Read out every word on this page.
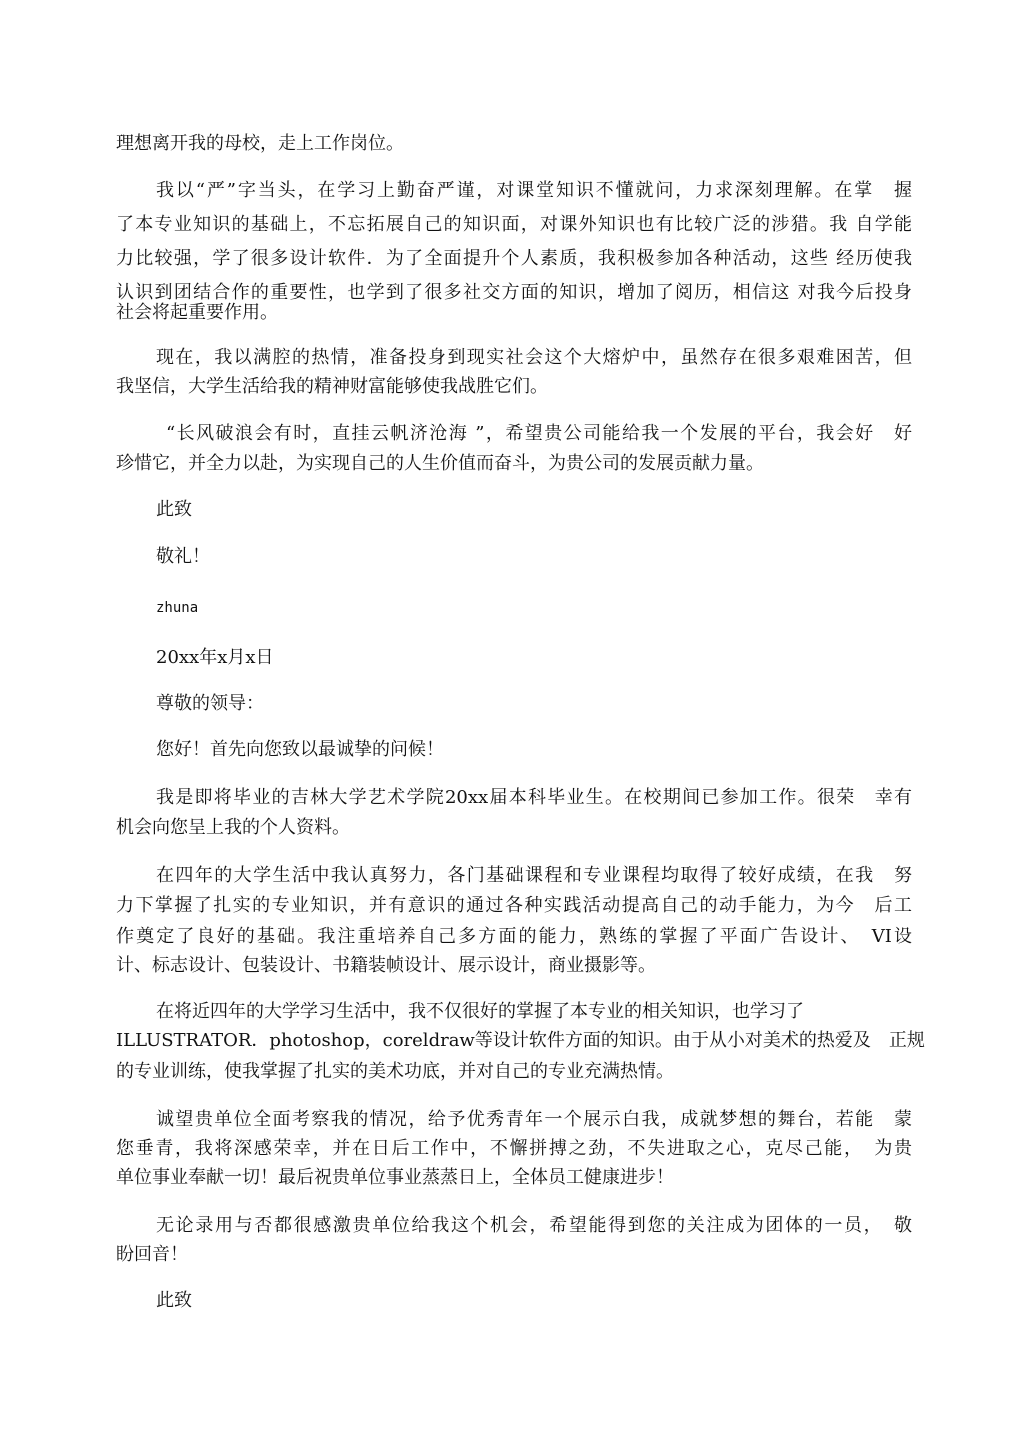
理想离开我的母校，走上工作岗位。

我以“严”字当头，在学习上勤奋严谨，对课堂知识不懂就问，力求深刻理解。在掌　握

了本专业知识的基础上，不忘拓展自己的知识面，对课外知识也有比较广泛的涉猎。我 自学能

力比较强，学了很多设计软件．为了全面提升个人素质，我积极参加各种活动，这些 经历使我

认识到团结合作的重要性，也学到了很多社交方面的知识，增加了阅历，相信这 对我今后投身

社会将起重要作用。

现在，我以满腔的热情，准备投身到现实社会这个大熔炉中，虽然存在很多艰难困苦，但

我坚信，大学生活给我的精神财富能够使我战胜它们。

“长风破浪会有时，直挂云帆济沧海 ”，希望贵公司能给我一个发展的平台，我会好　好

珍惜它，并全力以赴，为实现自己的人生价值而奋斗，为贵公司的发展贡献力量。

此致

敬礼！

zhuna

20xx年x月x日

尊敬的领导：

您好！首先向您致以最诚挚的问候！

我是即将毕业的吉林大学艺术学院20xx届本科毕业生。在校期间已参加工作。很荣　幸有

机会向您呈上我的个人资料。

在四年的大学生活中我认真努力，各门基础课程和专业课程均取得了较好成绩，在我　努

力下掌握了扎实的专业知识，并有意识的通过各种实践活动提高自己的动手能力，为今　后工

作奠定了良好的基础。我注重培养自己多方面的能力，熟练的掌握了平面广告设计、　VI设

计、标志设计、包装设计、书籍装帧设计、展示设计，商业摄影等。

在将近四年的大学学习生活中，我不仅很好的掌握了本专业的相关知识，也学习了

ILLUSTRATOR．photoshop，coreldraw等设计软件方面的知识。由于从小对美术的热爱及　正规

的专业训练，使我掌握了扎实的美术功底，并对自己的专业充满热情。

诚望贵单位全面考察我的情况，给予优秀青年一个展示白我，成就梦想的舞台，若能　蒙

您垂青，我将深感荣幸，并在日后工作中，不懈拼搏之劲，不失进取之心，克尽己能，　为贵

单位事业奉献一切！最后祝贵单位事业蒸蒸日上，全体员工健康进步！

无论录用与否都很感激贵单位给我这个机会，希望能得到您的关注成为团体的一员，　敬

盼回音！

此致
